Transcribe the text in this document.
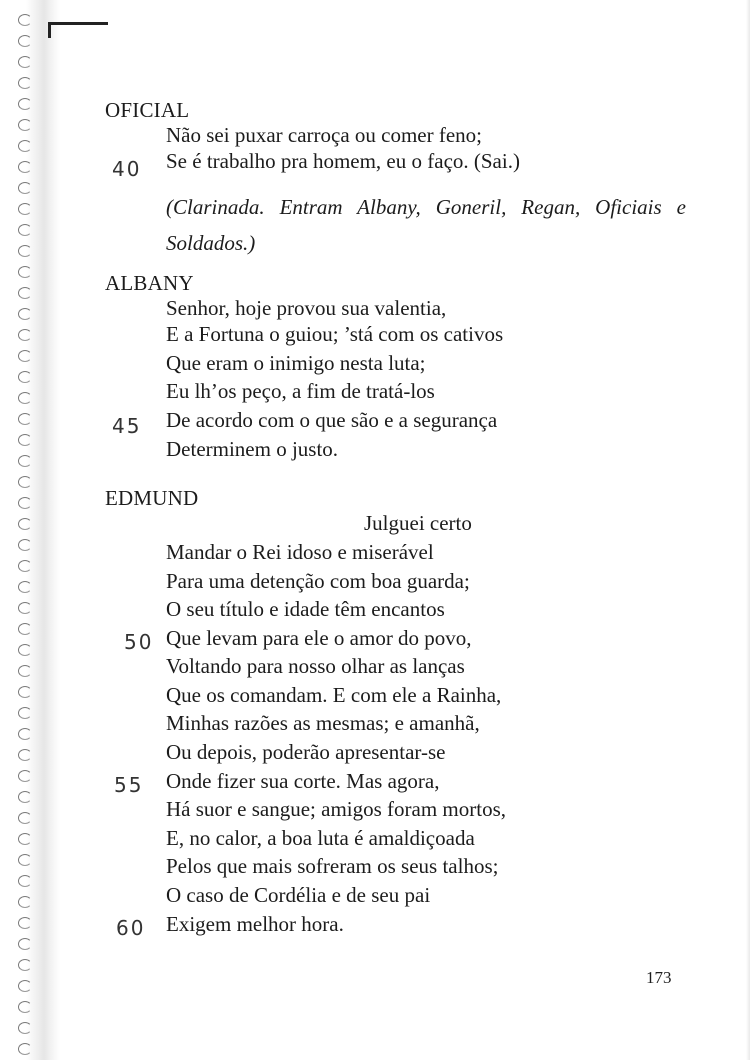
OFICIAL
Não sei puxar carroça ou comer feno;
Se é trabalho pra homem, eu o faço. (Sai.)
40
(Clarinada. Entram Albany, Goneril, Regan, Oficiais e Soldados.)
ALBANY
Senhor, hoje provou sua valentia,
E a Fortuna o guiou; ’stá com os cativos
Que eram o inimigo nesta luta;
Eu lh’os peço, a fim de tratá-los
De acordo com o que são e a segurança
45
Determinem o justo.
EDMUND
Julguei certo
Mandar o Rei idoso e miserável
Para uma detenção com boa guarda;
O seu título e idade têm encantos
50 Que levam para ele o amor do povo,
Voltando para nosso olhar as lanças
Que os comandam. E com ele a Rainha,
Minhas razões as mesmas; e amanhã,
Ou depois, poderão apresentar-se
55 Onde fizer sua corte. Mas agora,
Há suor e sangue; amigos foram mortos,
E, no calor, a boa luta é amaldiçoada
Pelos que mais sofreram os seus talhos;
O caso de Cordélia e de seu pai
60 Exigem melhor hora.
173
